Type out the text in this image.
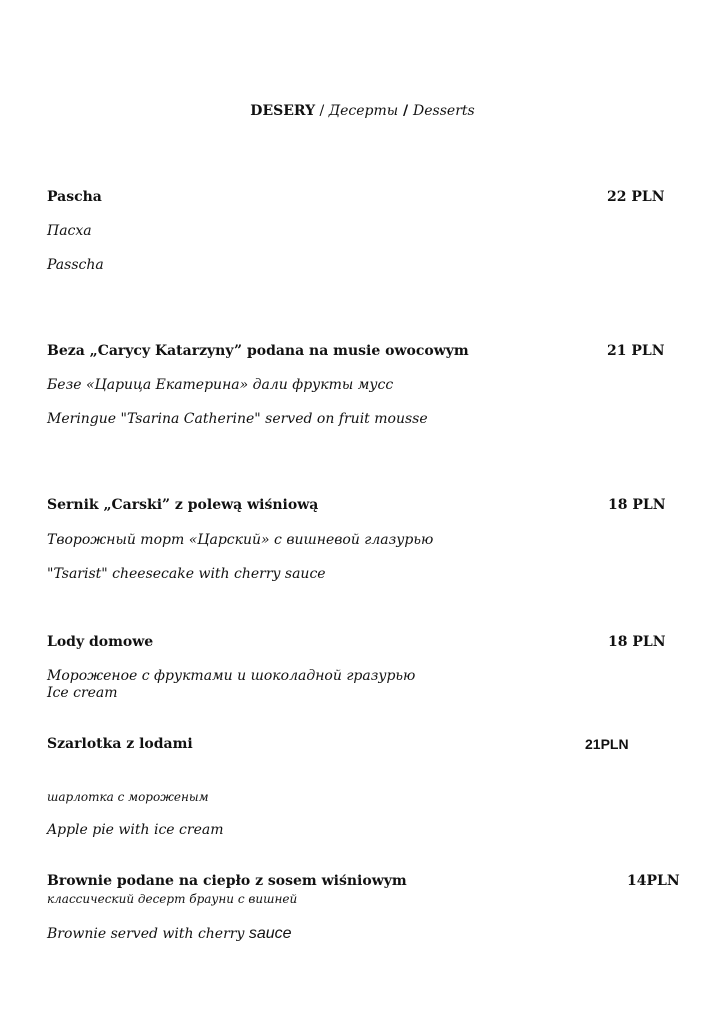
DESERY / Десерты / Desserts
Pascha	22 PLN
Пасха
Passcha
Beza „Carycy Katarzyny” podana na musie owocowym	21 PLN
Безе «Царица Екатерина» дали фрукты мусс
Meringue "Tsarina Catherine" served on fruit mousse
Sernik „Carski” z polewą wiśniową	18 PLN
Творожный торт «Царский» с вишневой глазурью
"Tsarist" cheesecake with cherry sauce
Lody domowe	18 PLN
Мороженое с фруктами и шоколадной гразурью
Ice cream
Szarlotka z lodami	21PLN
шарлотка с мороженым
Apple pie with ice cream
Brownie podane na ciepło z sosem wiśniowym	14PLN
классический десерт брауни с вишней
Brownie served with cherry sauce
